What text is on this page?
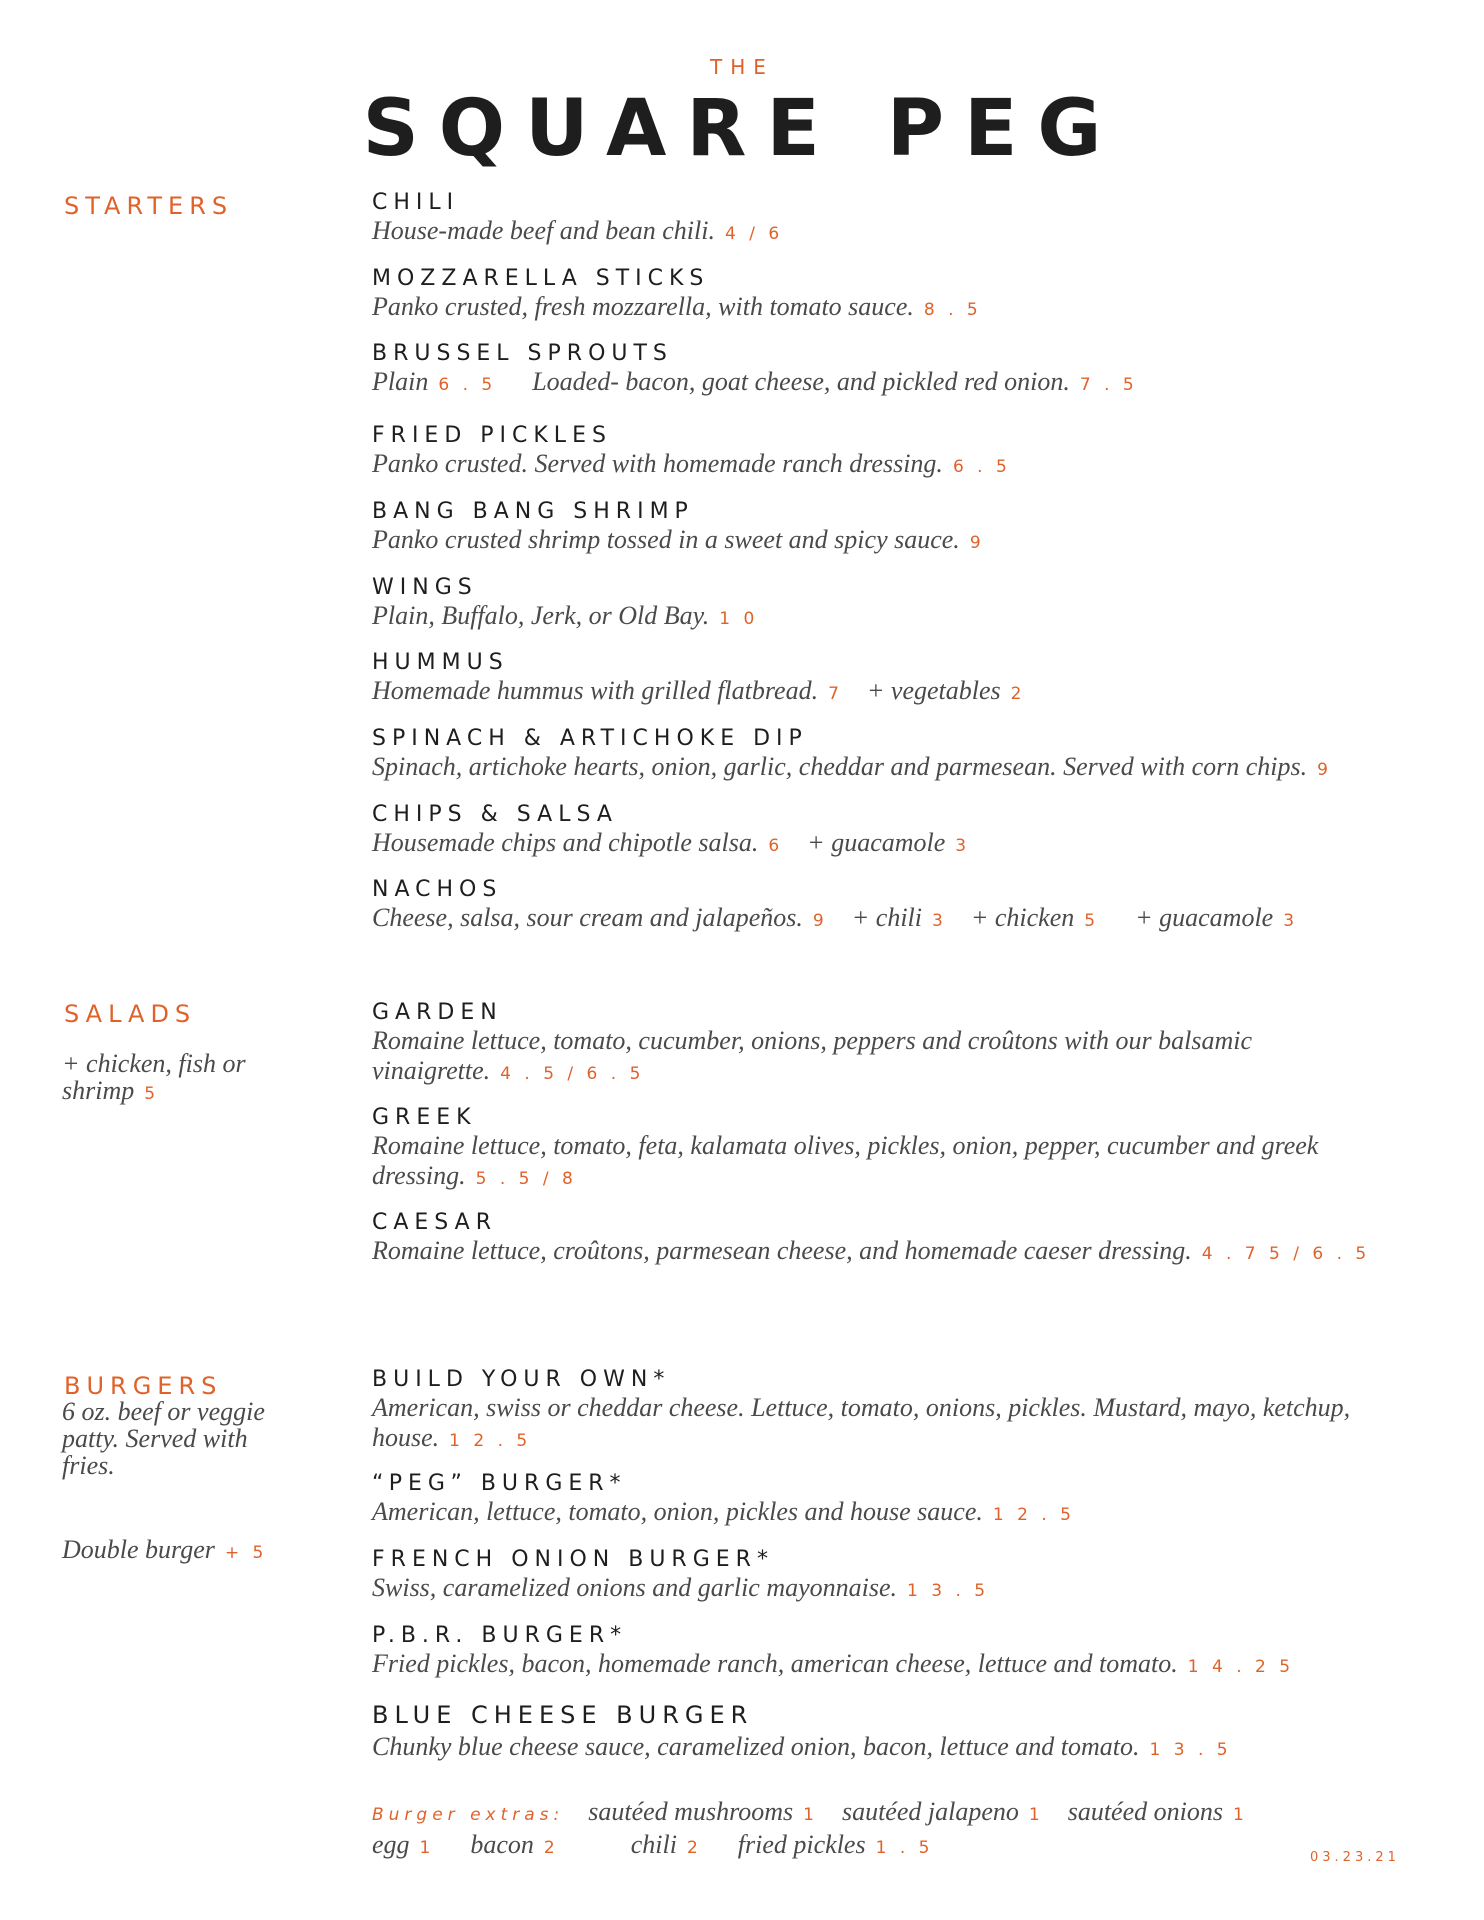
THE
SQUARE PEG
STARTERS	CHILI
House-made beef and bean chili. 4 / 6
MOZZARELLA STICKS
Panko crusted, fresh mozzarella, with tomato sauce. 8 . 5
BRUSSEL SPROUTS
Plain 6 . 5 Loaded- bacon, goat cheese, and pickled red onion. 7 . 5
FRIED PICKLES
Panko crusted. Served with homemade ranch dressing. 6 . 5
BANG BANG SHRIMP
Panko crusted shrimp tossed in a sweet and spicy sauce. 9
WINGS
Plain, Buffalo, Jerk, or Old Bay. 1 0
HUMMUS
Homemade hummus with grilled flatbread. 7 + vegetables 2
SPINACH & ARTICHOKE DIP
Spinach, artichoke hearts, onion, garlic, cheddar and parmesean. Served with corn chips. 9
CHIPS & SALSA
Housemade chips and chipotle salsa. 6 + guacamole 3
NACHOS
Cheese, salsa, sour cream and jalapeños. 9 + chili 3 + chicken 5 + guacamole 3
SALADS
+ chicken, fish or shrimp 5
GARDEN
Romaine lettuce, tomato, cucumber, onions, peppers and croûtons with our balsamic vinaigrette. 4 . 5 / 6 . 5
GREEK
Romaine lettuce, tomato, feta, kalamata olives, pickles, onion, pepper, cucumber and greek dressing. 5 . 5 / 8
CAESAR
Romaine lettuce, croûtons, parmesean cheese, and homemade caeser dressing. 4 . 7 5 / 6 . 5
BURGERS
6 oz. beef or veggie patty. Served with fries.
Double burger + 5
BUILD YOUR OWN*
American, swiss or cheddar cheese. Lettuce, tomato, onions, pickles. Mustard, mayo, ketchup, house. 1 2 . 5
“PEG” BURGER*
American, lettuce, tomato, onion, pickles and house sauce. 1 2 . 5
FRENCH ONION BURGER*
Swiss, caramelized onions and garlic mayonnaise. 1 3 . 5
P.B.R. BURGER*
Fried pickles, bacon, homemade ranch, american cheese, lettuce and tomato. 1 4 . 2 5
BLUE CHEESE BURGER
Chunky blue cheese sauce, caramelized onion, bacon, lettuce and tomato. 1 3 . 5
Burger extras: sautéed mushrooms 1 sautéed jalapeno 1 sautéed onions 1
egg 1 bacon 2	chili 2 fried pickles 1 . 5	03.23.21
